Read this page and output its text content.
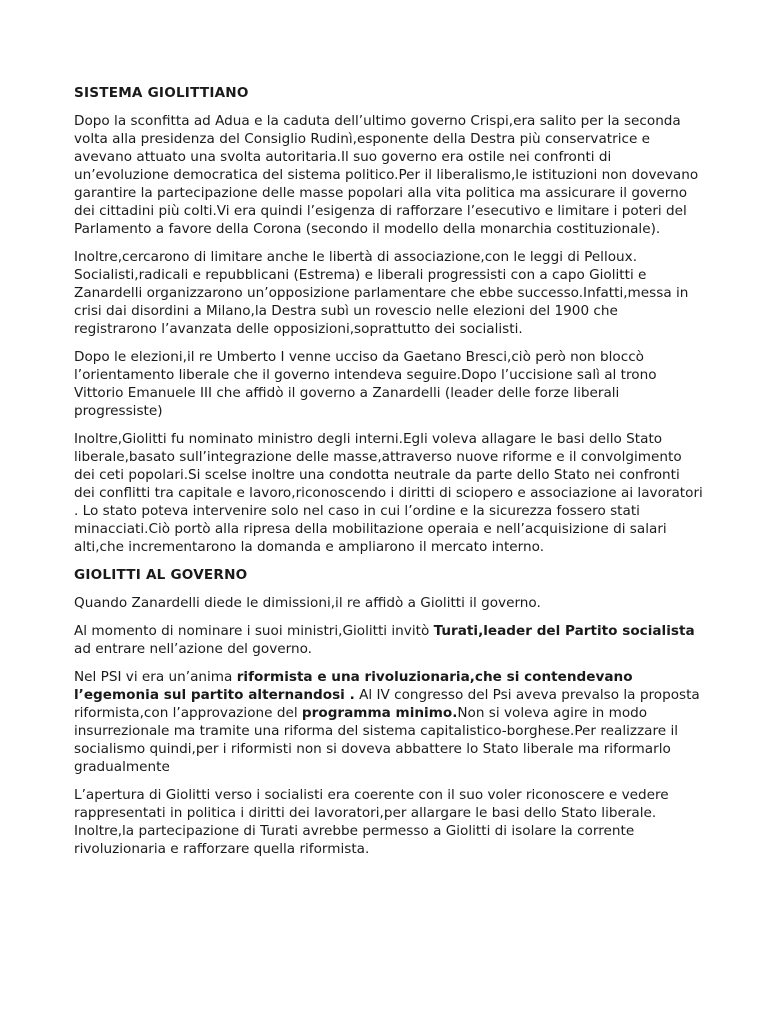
SISTEMA GIOLITTIANO

Dopo la sconfitta ad Adua e la caduta dell’ultimo governo Crispi,era salito per la seconda volta alla presidenza del Consiglio Rudinì,esponente della Destra più conservatrice e avevano attuato una svolta autoritaria.Il suo governo era ostile nei confronti di un’evoluzione democratica del sistema politico.Per il liberalismo,le istituzioni non dovevano garantire la partecipazione delle masse popolari alla vita politica ma assicurare il governo dei cittadini più colti.Vi era quindi l’esigenza di rafforzare l’esecutivo e limitare i poteri del Parlamento a favore della Corona (secondo il modello della monarchia costituzionale).

Inoltre,cercarono di limitare anche le libertà di associazione,con le leggi di Pelloux. Socialisti,radicali e repubblicani (Estrema) e liberali progressisti con a capo Giolitti e Zanardelli organizzarono un’opposizione parlamentare che ebbe successo.Infatti,messa in crisi dai disordini a Milano,la Destra subì un rovescio nelle elezioni del 1900 che registrarono l’avanzata delle opposizioni,soprattutto dei socialisti.

Dopo le elezioni,il re Umberto I venne ucciso da Gaetano Bresci,ciò però non bloccò l’orientamento liberale che il governo intendeva seguire.Dopo l’uccisione salì al trono Vittorio Emanuele III che affidò il governo a Zanardelli (leader delle forze liberali progressiste)

Inoltre,Giolitti fu nominato ministro degli interni.Egli voleva allagare le basi dello Stato liberale,basato sull’integrazione delle masse,attraverso nuove riforme e il convolgimento dei ceti popolari.Si scelse inoltre una condotta neutrale da parte dello Stato nei confronti dei conflitti tra capitale e lavoro,riconoscendo i diritti di sciopero e associazione ai lavoratori . Lo stato poteva intervenire solo nel caso in cui l’ordine e la sicurezza fossero stati minacciati.Ciò portò alla ripresa della mobilitazione operaia e nell’acquisizione di salari alti,che incrementarono la domanda e ampliarono il mercato interno.

GIOLITTI AL GOVERNO

Quando Zanardelli diede le dimissioni,il re affidò a Giolitti il governo.

Al momento di nominare i suoi ministri,Giolitti invitò Turati,leader del Partito socialista ad entrare nell’azione del governo.

Nel PSI vi era un’anima riformista e una rivoluzionaria,che si contendevano l’egemonia sul partito alternandosi . Al IV congresso del Psi aveva prevalso la proposta riformista,con l’approvazione del programma minimo.Non si voleva agire in modo insurrezionale ma tramite una riforma del sistema capitalistico-borghese.Per realizzare il socialismo quindi,per i riformisti non si doveva abbattere lo Stato liberale ma riformarlo gradualmente

L’apertura di Giolitti verso i socialisti era coerente con il suo voler riconoscere e vedere rappresentati in politica i diritti dei lavoratori,per allargare le basi dello Stato liberale. Inoltre,la partecipazione di Turati avrebbe permesso a Giolitti di isolare la corrente rivoluzionaria e rafforzare quella riformista.
